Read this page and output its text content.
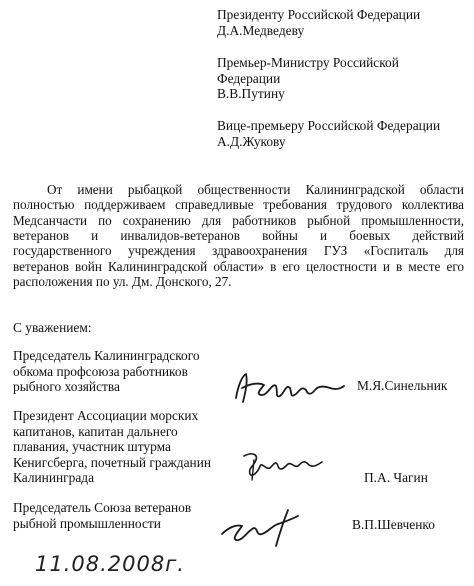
Президенту Российской Федерации
Д.А.Медведеву
Премьер-Министру Российской
Федерации
В.В.Путину
Вице-премьеру Российской Федерации
А.Д.Жукову
От имени рыбацкой общественности Калининградской области
полностью поддерживаем справедливые требования трудового коллектива
Медсанчасти по сохранению для работников рыбной промышленности,
ветеранов и инвалидов-ветеранов войны и боевых действий
государственного учреждения здравоохранения ГУЗ «Госпиталь для
ветеранов войн Калининградской области» в его целостности и в месте его
расположения по ул. Дм. Донского, 27.
С уважением:
Председатель Калининградского
обкома профсоюза работников
рыбного хозяйства	М.Я.Синельник
Президент Ассоциации морских
капитанов, капитан дальнего
плавания, участник штурма
Кенигсберга, почетный гражданин
Калининграда	П.А. Чагин
Председатель Союза ветеранов
рыбной промышленности	В.П.Шевченко
11.08.2008г.
